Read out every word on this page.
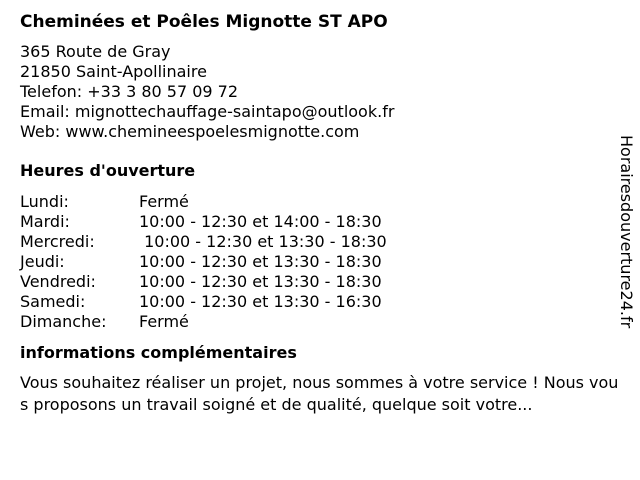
Cheminées et Poêles Mignotte ST APO
365 Route de Gray
21850 Saint-Apollinaire
Telefon: +33 3 80 57 09 72
Email: mignottechauffage-saintapo@outlook.fr
Web: www.chemineespoelesmignotte.com
Heures d'ouverture
Lundi:	Fermé
Mardi:	10:00 - 12:30 et 14:00 - 18:30
Mercredi:	10:00 - 12:30 et 13:30 - 18:30
Jeudi:	10:00 - 12:30 et 13:30 - 18:30
Vendredi:	10:00 - 12:30 et 13:30 - 18:30
Samedi:	10:00 - 12:30 et 13:30 - 16:30
Dimanche:	Fermé
informations complémentaires
Vous souhaitez réaliser un projet, nous sommes à votre service ! Nous vous proposons un travail soigné et de qualité, quelque soit votre...
Horairesdouverture24.fr
